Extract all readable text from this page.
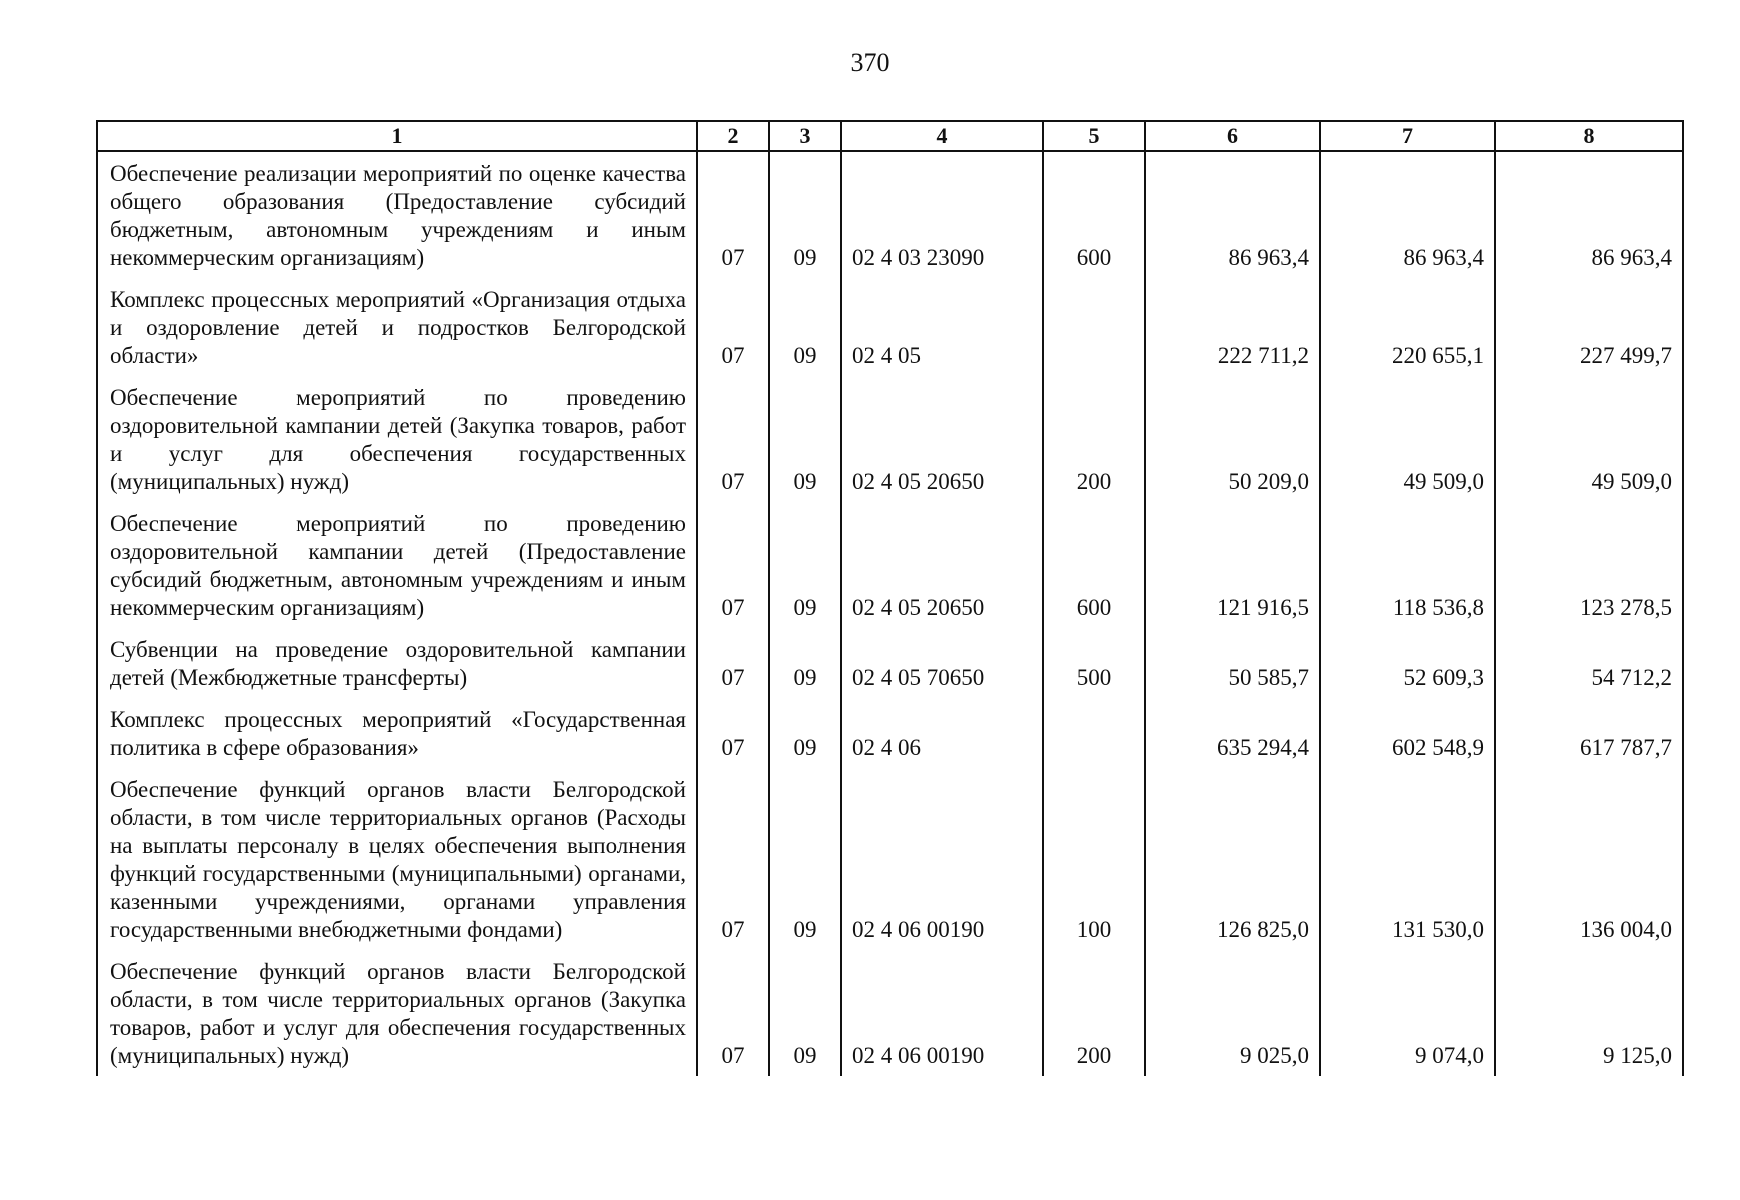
370
1	2	3	4	5	6	7	8
Обеспечение реализации мероприятий по оценке качества общего образования (Предоставление субсидий бюджетным, автономным учреждениям и иным некоммерческим организациям)	07	09	02 4 03 23090	600	86 963,4	86 963,4	86 963,4
Комплекс процессных мероприятий «Организация отдыха и оздоровление детей и подростков Белгородской области»	07	09	02 4 05		222 711,2	220 655,1	227 499,7
Обеспечение мероприятий по проведению оздоровительной кампании детей (Закупка товаров, работ и услуг для обеспечения государственных (муниципальных) нужд)	07	09	02 4 05 20650	200	50 209,0	49 509,0	49 509,0
Обеспечение мероприятий по проведению оздоровительной кампании детей (Предоставление субсидий бюджетным, автономным учреждениям и иным некоммерческим организациям)	07	09	02 4 05 20650	600	121 916,5	118 536,8	123 278,5
Субвенции на проведение оздоровительной кампании детей (Межбюджетные трансферты)	07	09	02 4 05 70650	500	50 585,7	52 609,3	54 712,2
Комплекс процессных мероприятий «Государственная политика в сфере образования»	07	09	02 4 06		635 294,4	602 548,9	617 787,7
Обеспечение функций органов власти Белгородской области, в том числе территориальных органов (Расходы на выплаты персоналу в целях обеспечения выполнения функций государственными (муниципальными) органами, казенными учреждениями, органами управления государственными внебюджетными фондами)	07	09	02 4 06 00190	100	126 825,0	131 530,0	136 004,0
Обеспечение функций органов власти Белгородской области, в том числе территориальных органов (Закупка товаров, работ и услуг для обеспечения государственных (муниципальных) нужд)	07	09	02 4 06 00190	200	9 025,0	9 074,0	9 125,0
